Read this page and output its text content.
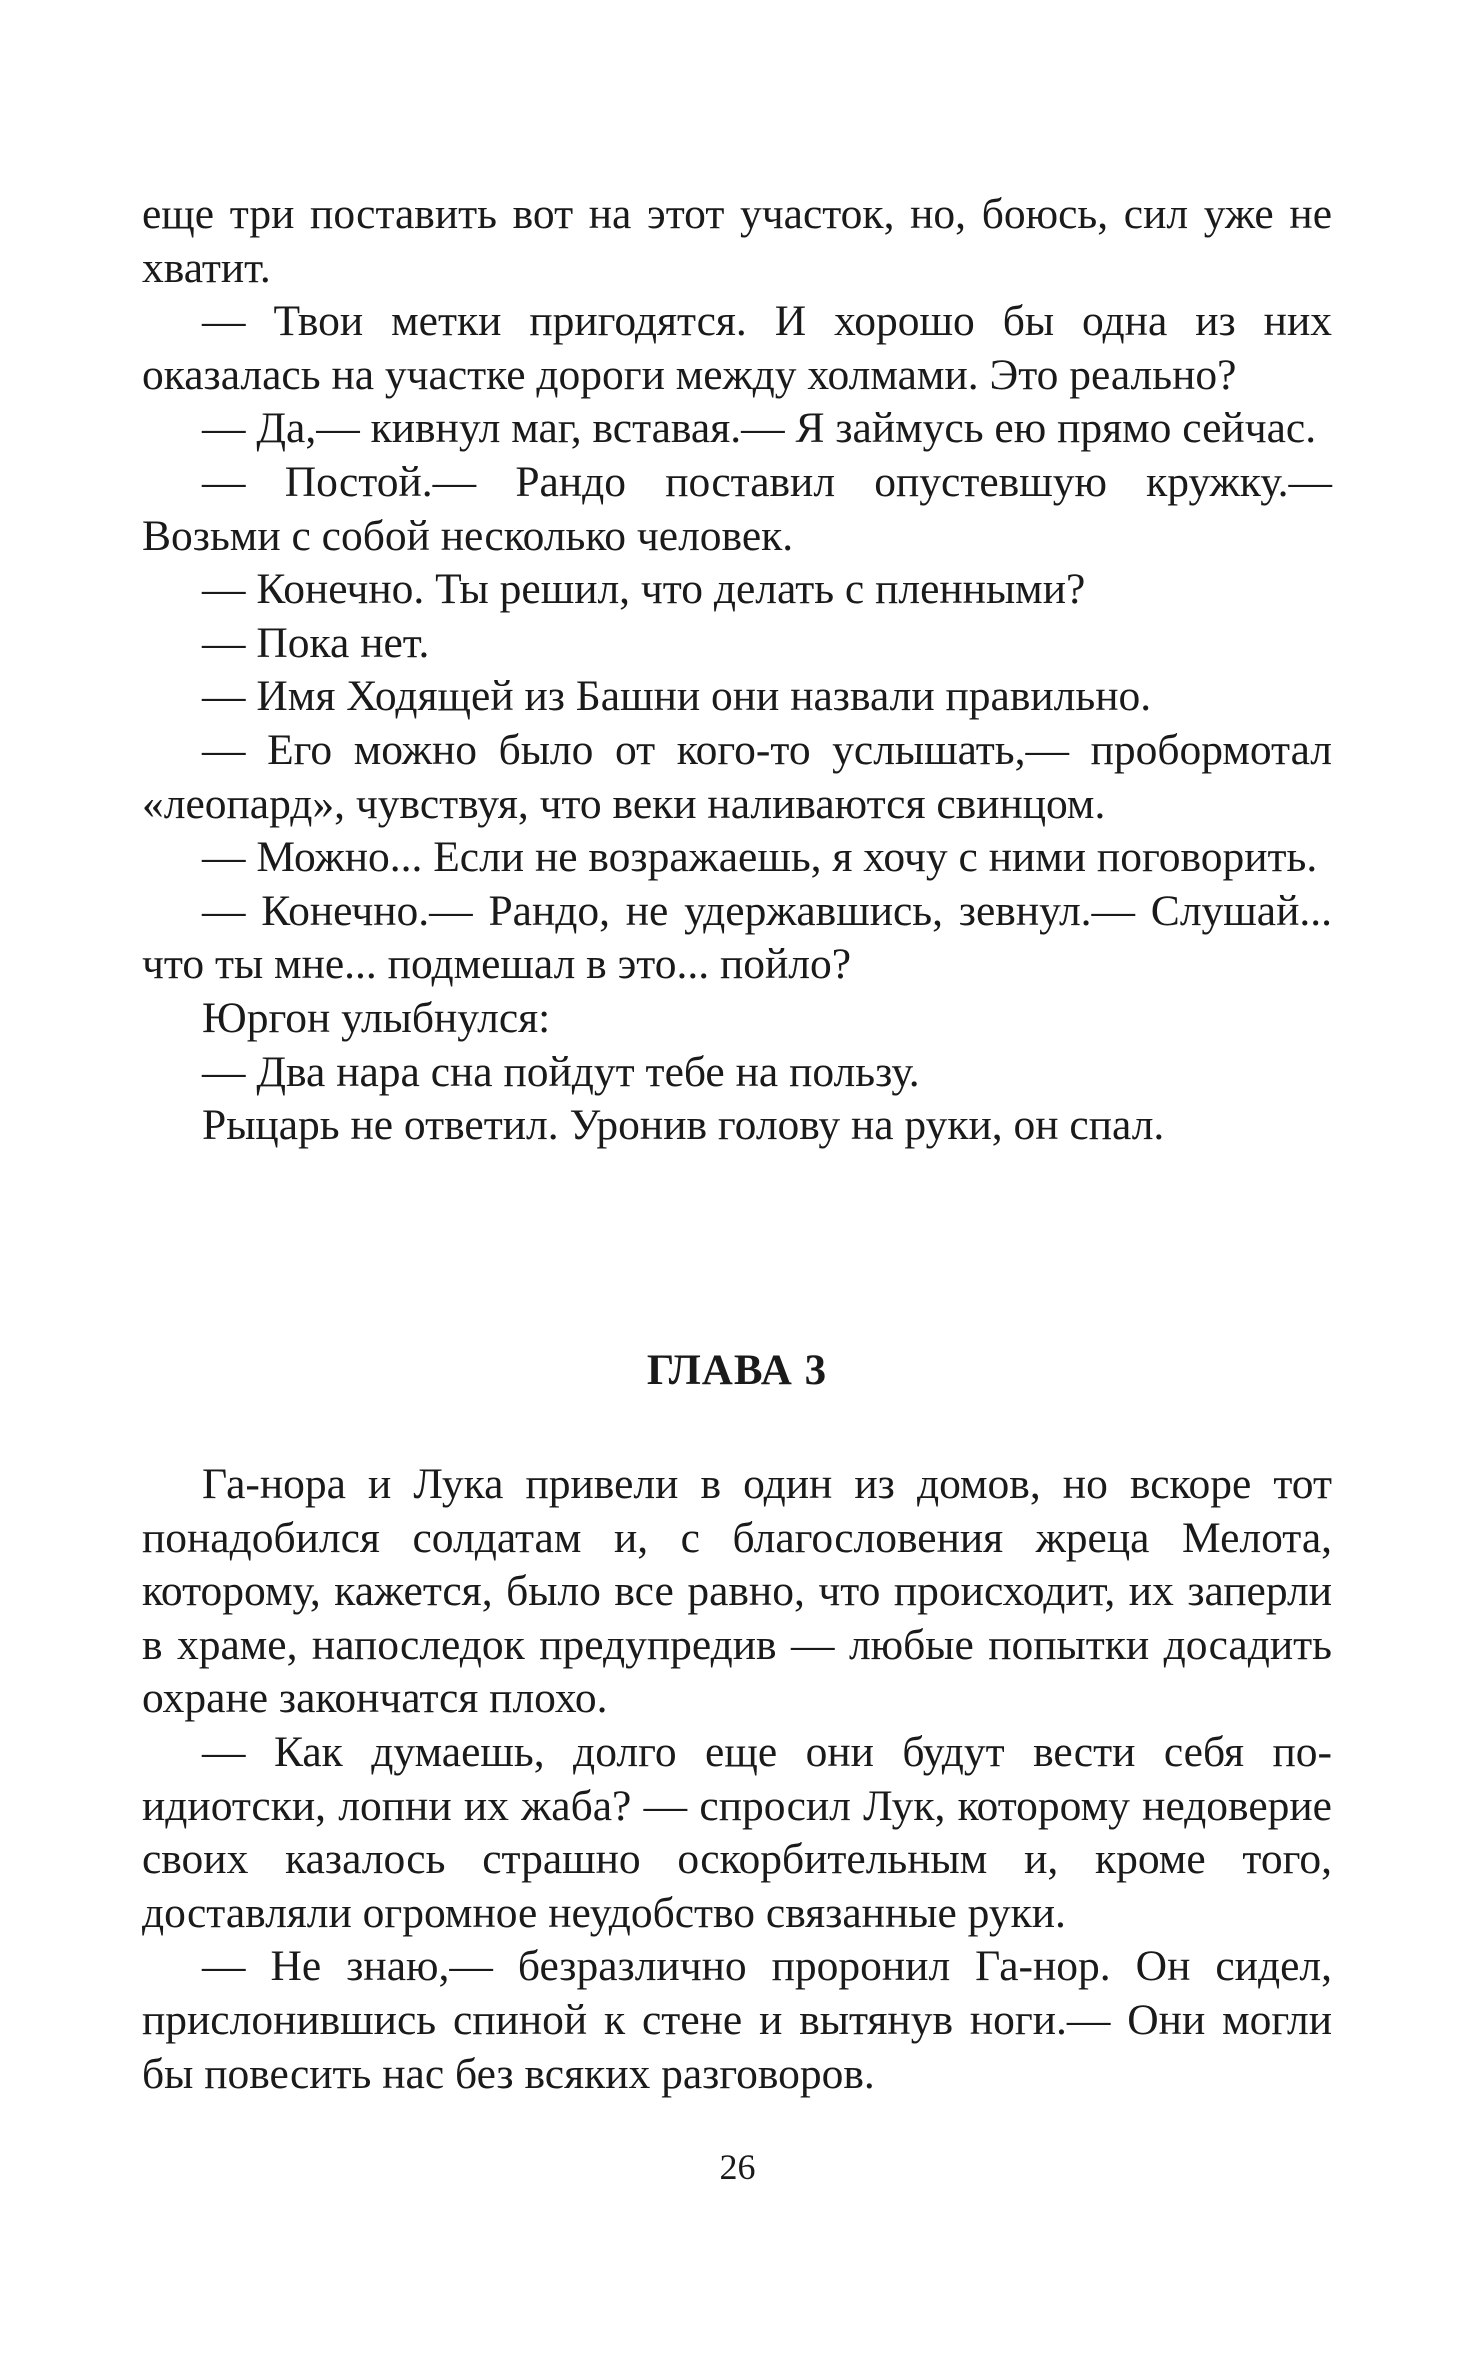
еще три поставить вот на этот участок, но, боюсь, сил уже не хватит.

— Твои метки пригодятся. И хорошо бы одна из них оказалась на участке дороги между холмами. Это реально?

— Да,— кивнул маг, вставая.— Я займусь ею прямо сейчас.

— Постой.— Рандо поставил опустевшую кружку.— Возьми с собой несколько человек.

— Конечно. Ты решил, что делать с пленными?

— Пока нет.

— Имя Ходящей из Башни они назвали правильно.

— Его можно было от кого-то услышать,— пробормотал «леопард», чувствуя, что веки наливаются свинцом.

— Можно... Если не возражаешь, я хочу с ними поговорить.

— Конечно.— Рандо, не удержавшись, зевнул.— Слушай... что ты мне... подмешал в это... пойло?

Юргон улыбнулся:

— Два нара сна пойдут тебе на пользу.

Рыцарь не ответил. Уронив голову на руки, он спал.

ГЛАВА 3

Га-нора и Лука привели в один из домов, но вскоре тот понадобился солдатам и, с благословения жреца Мелота, которому, кажется, было все равно, что происходит, их заперли в храме, напоследок предупредив — любые попытки досадить охране закончатся плохо.

— Как думаешь, долго еще они будут вести себя по-идиотски, лопни их жаба? — спросил Лук, которому недоверие своих казалось страшно оскорбительным и, кроме того, доставляли огромное неудобство связанные руки.

— Не знаю,— безразлично проронил Га-нор. Он сидел, прислонившись спиной к стене и вытянув ноги.— Они могли бы повесить нас без всяких разговоров.

26
